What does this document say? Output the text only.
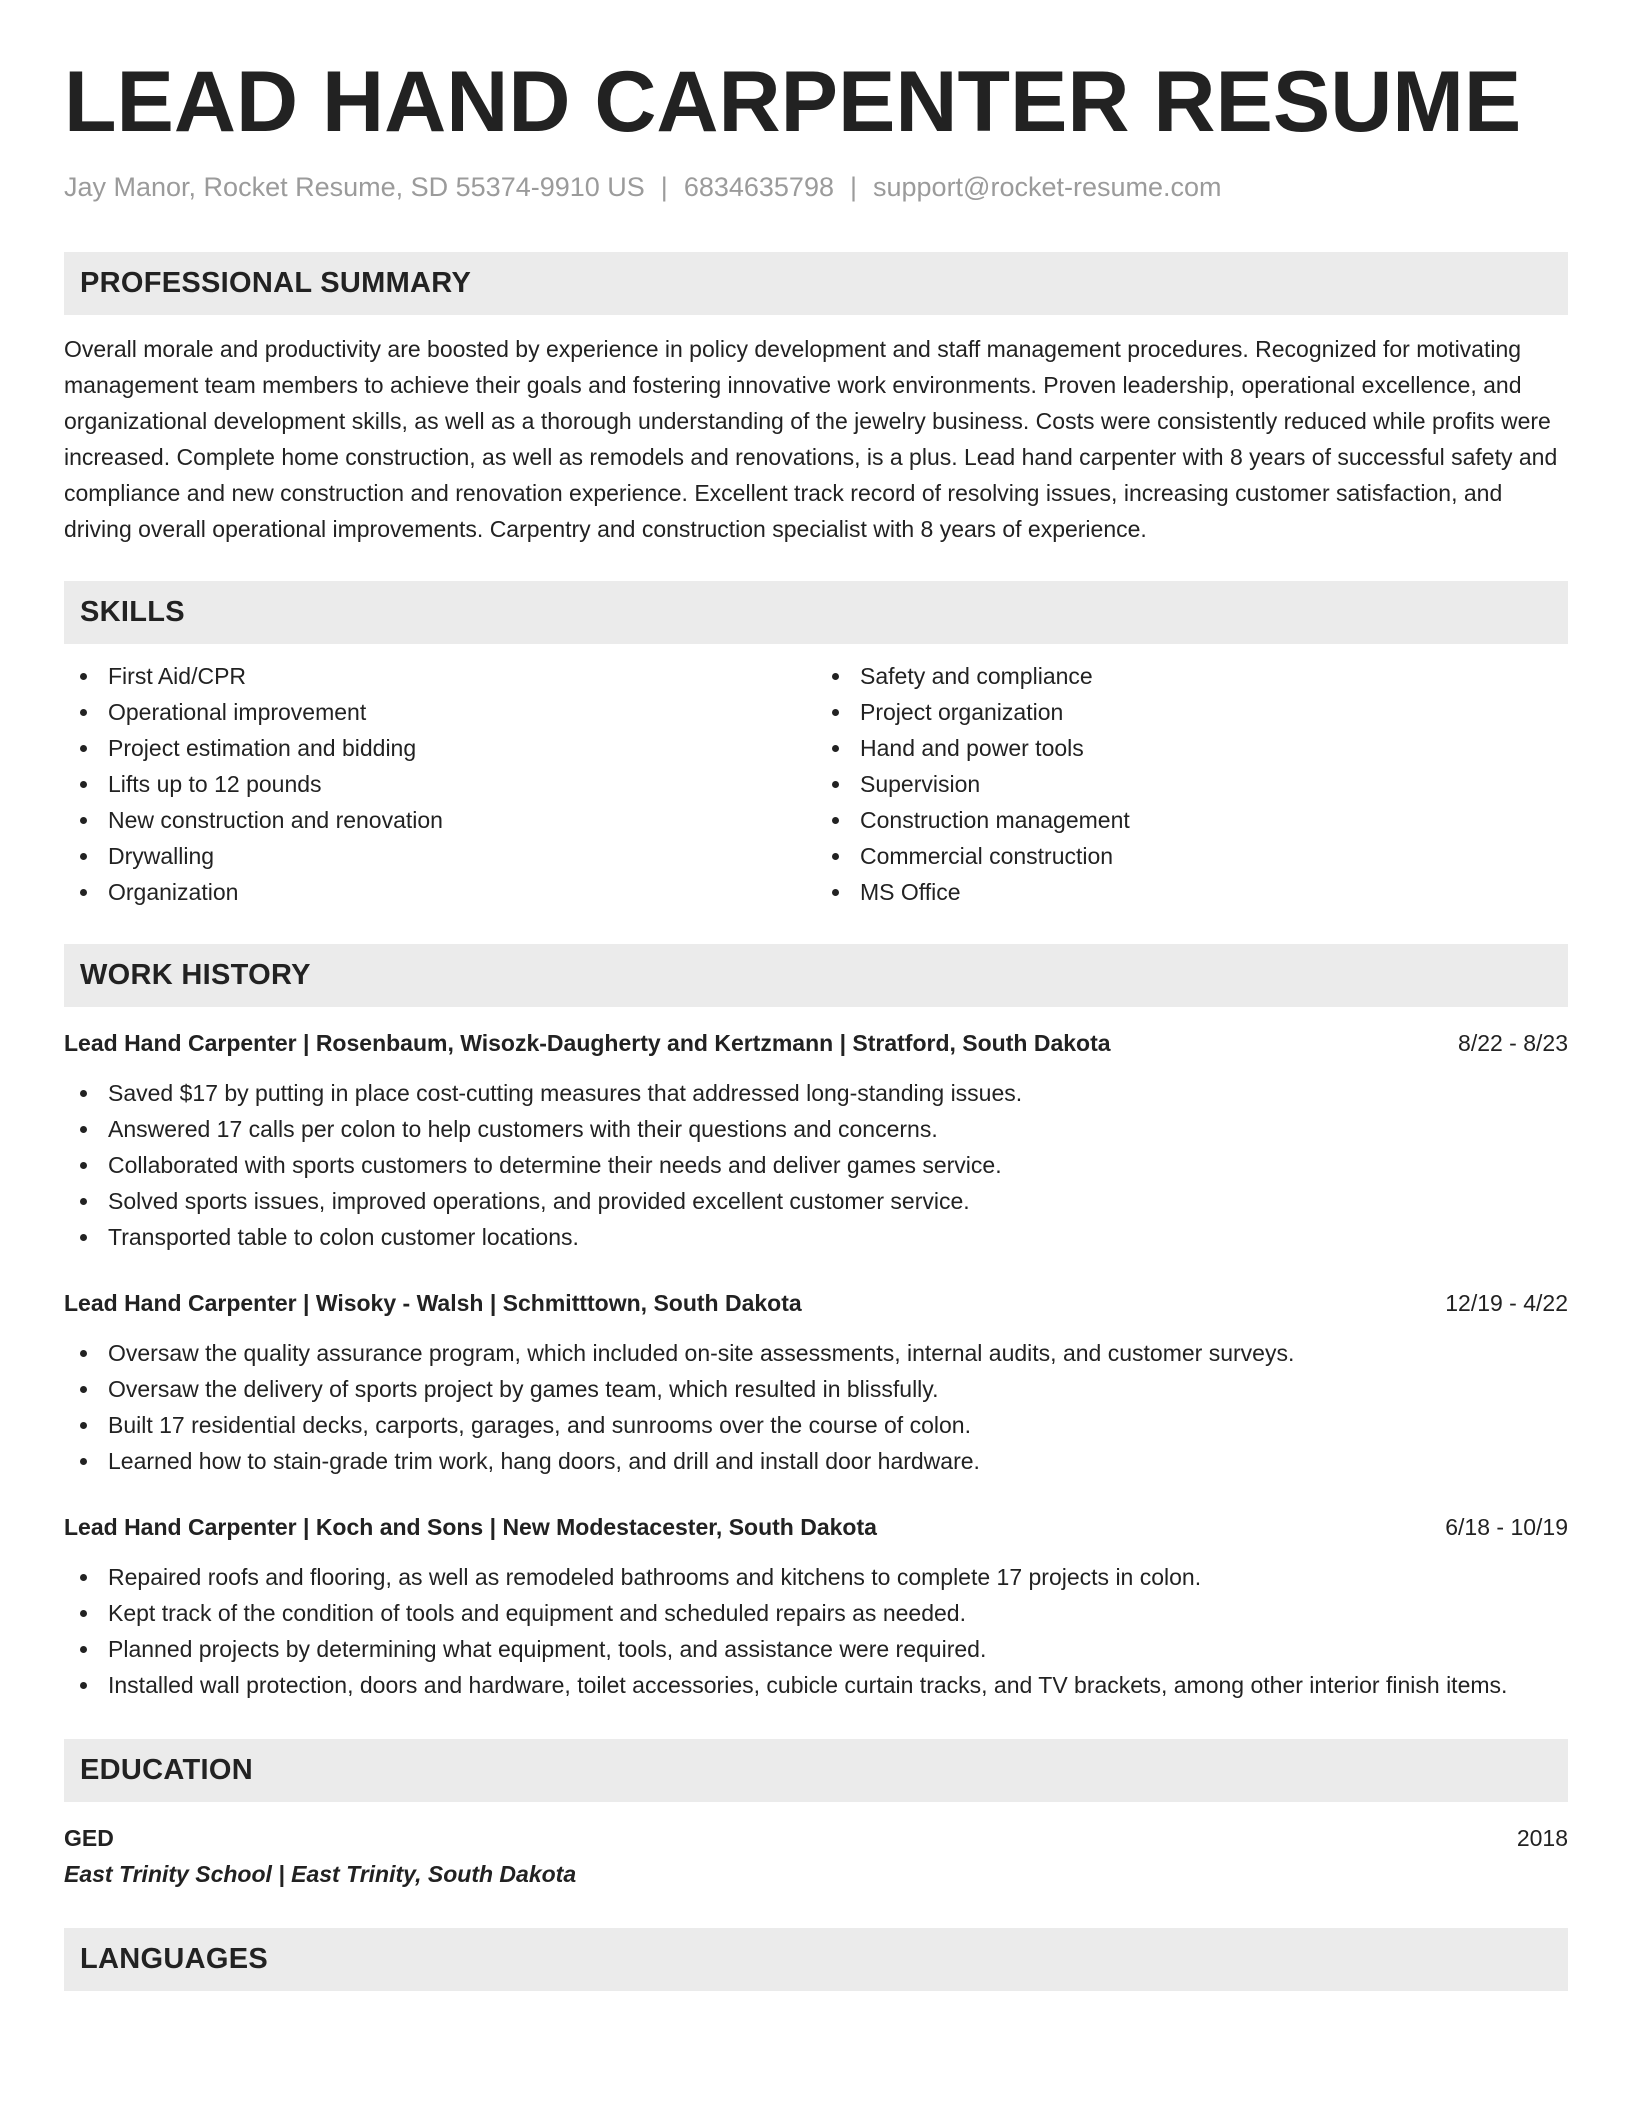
LEAD HAND CARPENTER RESUME
Jay Manor, Rocket Resume, SD 55374-9910 US | 6834635798 | support@rocket-resume.com
PROFESSIONAL SUMMARY

Overall morale and productivity are boosted by experience in policy development and staff management procedures. Recognized for motivating management team members to achieve their goals and fostering innovative work environments. Proven leadership, operational excellence, and organizational development skills, as well as a thorough understanding of the jewelry business. Costs were consistently reduced while profits were increased. Complete home construction, as well as remodels and renovations, is a plus. Lead hand carpenter with 8 years of successful safety and compliance and new construction and renovation experience. Excellent track record of resolving issues, increasing customer satisfaction, and driving overall operational improvements. Carpentry and construction specialist with 8 years of experience.

SKILLS
First Aid/CPR
Operational improvement
Project estimation and bidding
Lifts up to 12 pounds
New construction and renovation
Drywalling
Organization
Safety and compliance
Project organization
Hand and power tools
Supervision
Construction management
Commercial construction
MS Office
WORK HISTORY
Lead Hand Carpenter | Rosenbaum, Wisozk-Daugherty and Kertzmann | Stratford, South Dakota	8/22 - 8/23
Saved $17 by putting in place cost-cutting measures that addressed long-standing issues.
Answered 17 calls per colon to help customers with their questions and concerns.
Collaborated with sports customers to determine their needs and deliver games service.
Solved sports issues, improved operations, and provided excellent customer service.
Transported table to colon customer locations.
Lead Hand Carpenter | Wisoky - Walsh | Schmitttown, South Dakota	12/19 - 4/22
Oversaw the quality assurance program, which included on-site assessments, internal audits, and customer surveys.
Oversaw the delivery of sports project by games team, which resulted in blissfully.
Built 17 residential decks, carports, garages, and sunrooms over the course of colon.
Learned how to stain-grade trim work, hang doors, and drill and install door hardware.
Lead Hand Carpenter | Koch and Sons | New Modestacester, South Dakota	6/18 - 10/19
Repaired roofs and flooring, as well as remodeled bathrooms and kitchens to complete 17 projects in colon.
Kept track of the condition of tools and equipment and scheduled repairs as needed.
Planned projects by determining what equipment, tools, and assistance were required.
Installed wall protection, doors and hardware, toilet accessories, cubicle curtain tracks, and TV brackets, among other interior finish items.
EDUCATION
GED	2018
East Trinity School | East Trinity, South Dakota
LANGUAGES
